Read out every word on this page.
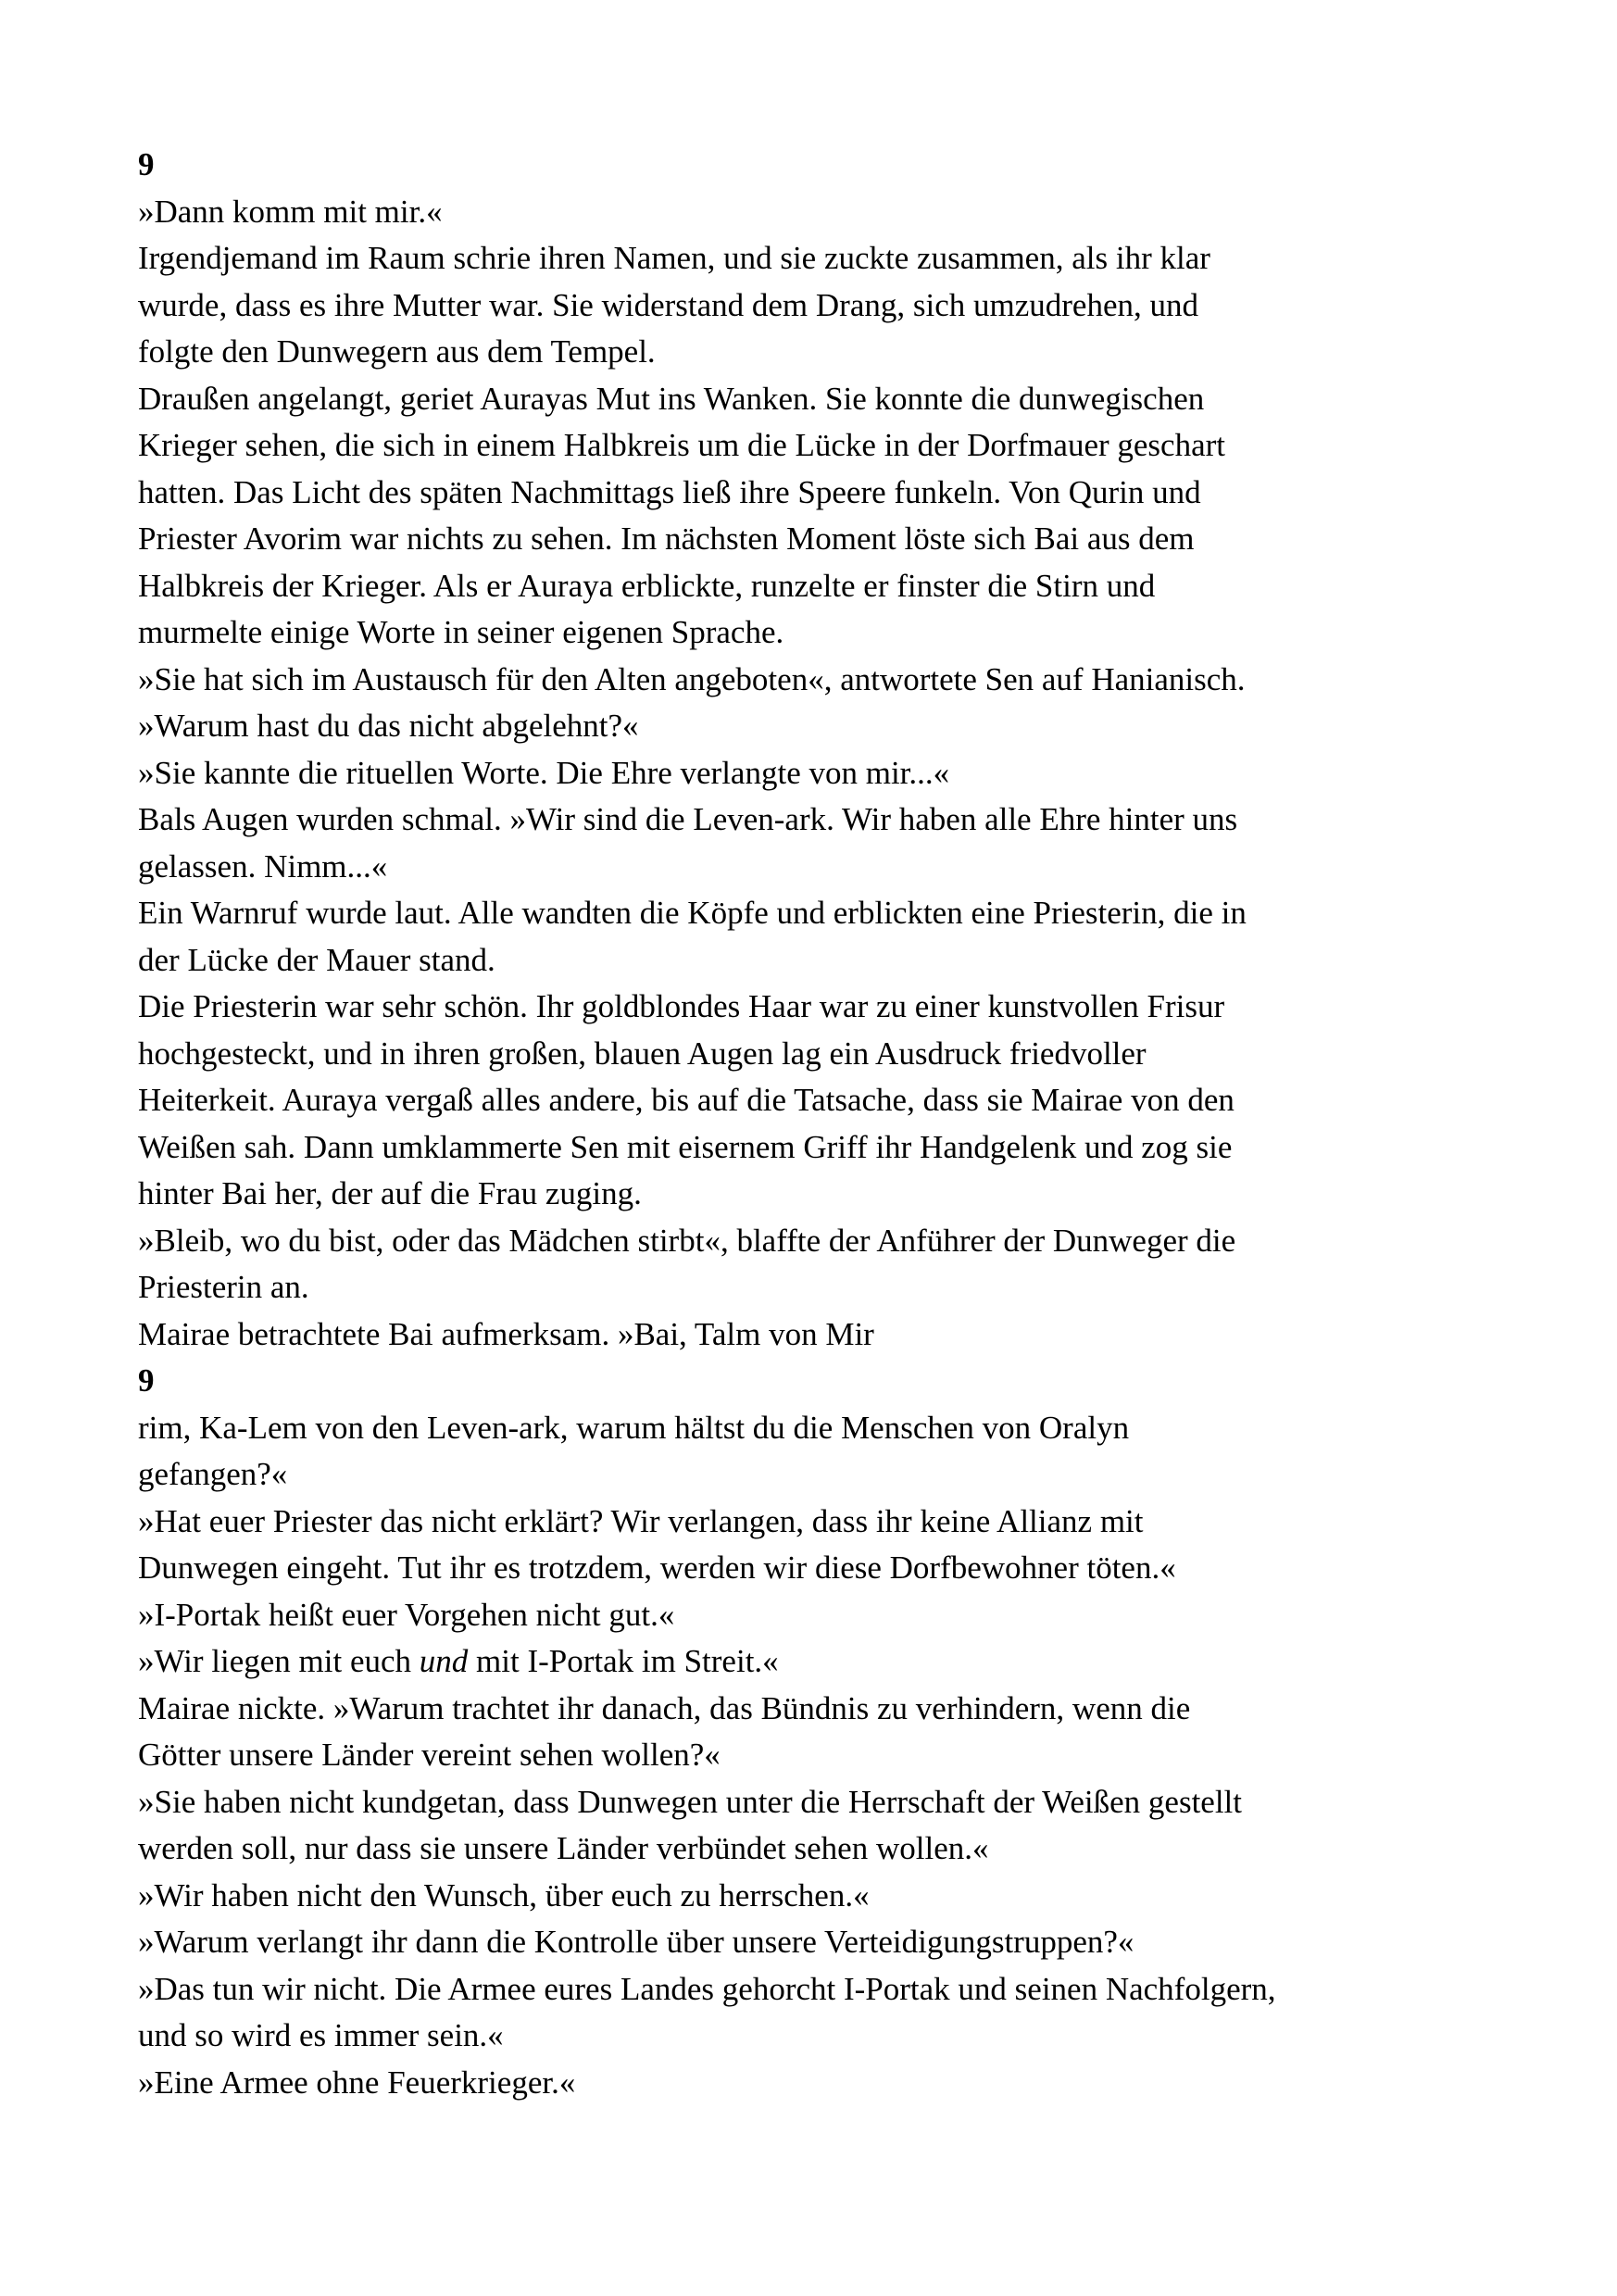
9
»Dann komm mit mir.«
Irgendjemand im Raum schrie ihren Namen, und sie zuckte zusammen, als ihr klar
wurde, dass es ihre Mutter war. Sie widerstand dem Drang, sich umzudrehen, und
folgte den Dunwegern aus dem Tempel.
Draußen angelangt, geriet Aurayas Mut ins Wanken. Sie konnte die dunwegischen
Krieger sehen, die sich in einem Halbkreis um die Lücke in der Dorfmauer geschart
hatten. Das Licht des späten Nachmittags ließ ihre Speere funkeln. Von Qurin und
Priester Avorim war nichts zu sehen. Im nächsten Moment löste sich Bai aus dem
Halbkreis der Krieger. Als er Auraya erblickte, runzelte er finster die Stirn und
murmelte einige Worte in seiner eigenen Sprache.
»Sie hat sich im Austausch für den Alten angeboten«, antwortete Sen auf Hanianisch.
»Warum hast du das nicht abgelehnt?«
»Sie kannte die rituellen Worte. Die Ehre verlangte von mir...«
Bals Augen wurden schmal. »Wir sind die Leven-ark. Wir haben alle Ehre hinter uns
gelassen. Nimm...«
Ein Warnruf wurde laut. Alle wandten die Köpfe und erblickten eine Priesterin, die in
der Lücke der Mauer stand.
Die Priesterin war sehr schön. Ihr goldblondes Haar war zu einer kunstvollen Frisur
hochgesteckt, und in ihren großen, blauen Augen lag ein Ausdruck friedvoller
Heiterkeit. Auraya vergaß alles andere, bis auf die Tatsache, dass sie Mairae von den
Weißen sah. Dann umklammerte Sen mit eisernem Griff ihr Handgelenk und zog sie
hinter Bai her, der auf die Frau zuging.
»Bleib, wo du bist, oder das Mädchen stirbt«, blaffte der Anführer der Dunweger die
Priesterin an.
Mairae betrachtete Bai aufmerksam. »Bai, Talm von Mir
9
rim, Ka-Lem von den Leven-ark, warum hältst du die Menschen von Oralyn
gefangen?«
»Hat euer Priester das nicht erklärt? Wir verlangen, dass ihr keine Allianz mit
Dunwegen eingeht. Tut ihr es trotzdem, werden wir diese Dorfbewohner töten.«
»I-Portak heißt euer Vorgehen nicht gut.«
»Wir liegen mit euch und mit I-Portak im Streit.«
Mairae nickte. »Warum trachtet ihr danach, das Bündnis zu verhindern, wenn die
Götter unsere Länder vereint sehen wollen?«
»Sie haben nicht kundgetan, dass Dunwegen unter die Herrschaft der Weißen gestellt
werden soll, nur dass sie unsere Länder verbündet sehen wollen.«
»Wir haben nicht den Wunsch, über euch zu herrschen.«
»Warum verlangt ihr dann die Kontrolle über unsere Verteidigungstruppen?«
»Das tun wir nicht. Die Armee eures Landes gehorcht I-Portak und seinen Nachfolgern,
und so wird es immer sein.«
»Eine Armee ohne Feuerkrieger.«
